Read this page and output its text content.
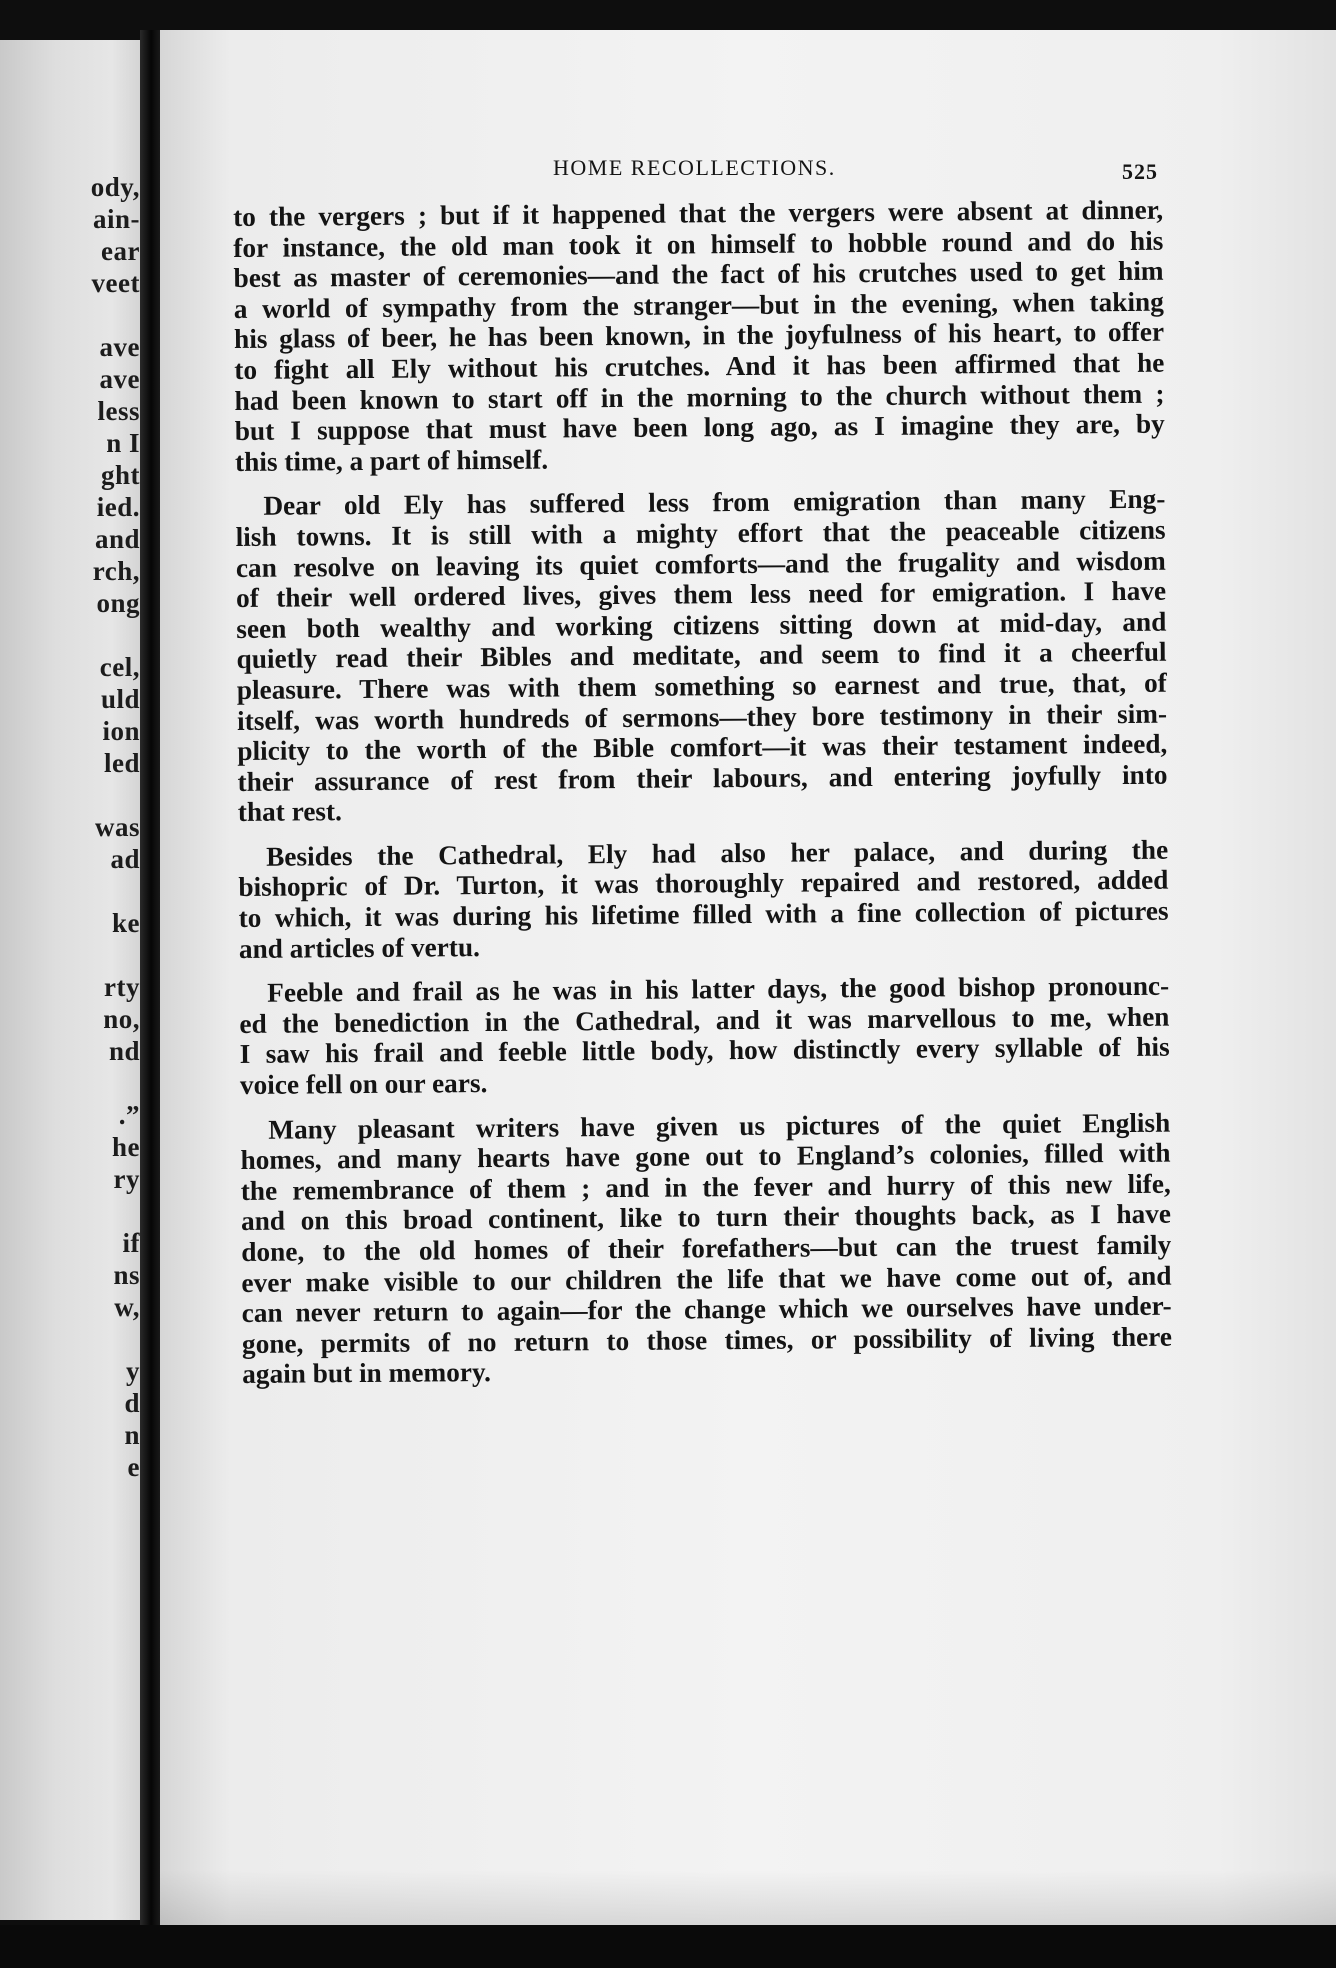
ody,
ain-
ear
veet
ave
ave
less
n I
ght
ied.
and
rch,
ong
cel,
uld
ion
led
was
ad
ke
rty
no,
nd
.”
he
ry
if
ns
w,
y
d
n
e
HOME RECOLLECTIONS.	525
to the vergers ; but if it happened that the vergers were absent at dinner,
for instance, the old man took it on himself to hobble round and do his
best as master of ceremonies—and the fact of his crutches used to get him
a world of sympathy from the stranger—but in the evening, when taking
his glass of beer, he has been known, in the joyfulness of his heart, to offer
to fight all Ely without his crutches. And it has been affirmed that he
had been known to start off in the morning to the church without them ;
but I suppose that must have been long ago, as I imagine they are, by
this time, a part of himself.
Dear old Ely has suffered less from emigration than many Eng-
lish towns. It is still with a mighty effort that the peaceable citizens
can resolve on leaving its quiet comforts—and the frugality and wisdom
of their well ordered lives, gives them less need for emigration. I have
seen both wealthy and working citizens sitting down at mid-day, and
quietly read their Bibles and meditate, and seem to find it a cheerful
pleasure. There was with them something so earnest and true, that, of
itself, was worth hundreds of sermons—they bore testimony in their sim-
plicity to the worth of the Bible comfort—it was their testament indeed,
their assurance of rest from their labours, and entering joyfully into
that rest.
Besides the Cathedral, Ely had also her palace, and during the
bishopric of Dr. Turton, it was thoroughly repaired and restored, added
to which, it was during his lifetime filled with a fine collection of pictures
and articles of vertu.
Feeble and frail as he was in his latter days, the good bishop pronounc-
ed the benediction in the Cathedral, and it was marvellous to me, when
I saw his frail and feeble little body, how distinctly every syllable of his
voice fell on our ears.
Many pleasant writers have given us pictures of the quiet English
homes, and many hearts have gone out to England’s colonies, filled with
the remembrance of them ; and in the fever and hurry of this new life,
and on this broad continent, like to turn their thoughts back, as I have
done, to the old homes of their forefathers—but can the truest family
ever make visible to our children the life that we have come out of, and
can never return to again—for the change which we ourselves have under-
gone, permits of no return to those times, or possibility of living there
again but in memory.
